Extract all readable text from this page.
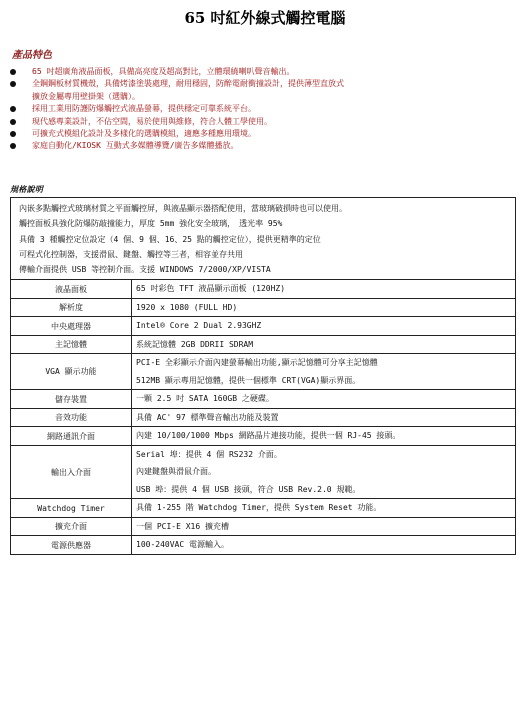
65 吋紅外線式觸控電腦
產品特色
65 吋超廣角液晶面板，具備高亮度及超高對比，立體環繞喇叭聲音輸出。
全鋼鋼板材質機殼，具備烤漆塗裝處理，耐用穩固，防醉電耐衝撞設計，提供薄型直放式
擴放金屬專用壁掛架（選購）。
採用工業用防護防爆觸控式液晶螢幕，提供穩定可靠系統平台。
現代感專業設計，不佔空間，易於使用與維修，符合人體工學使用。
可擴充式模組化設計及多樣化的選購模組，適應多種應用環境。
家庭自動化/KIOSK 互動式多媒體導覽/廣告多媒體播放。
規格說明
內嵌多點觸控式玻璃材質之平面觸控屏，與液晶顯示器搭配使用，當玻璃破損時也可以使用。
觸控面板具強化防爆防敲撞能力，厚度 5mm 強化安全玻璃，　透光率 95%
具備 3 種觸控定位設定（4 個、9 個、16、25 點的觸控定位），提供更精準的定位
可程式化控制器，支援滑鼠、鍵盤、觸控等三者，相容並存共用
傳輸介面提供 USB 等控制介面。支援 WINDOWS 7/2000/XP/VISTA
液晶面板	65 吋彩色 TFT 液晶顯示面板 (120HZ)

解析度	1920 x 1080 (FULL HD)

中央處理器	Intel® Core 2 Dual 2.93GHZ

主記憶體	系統記憶體 2GB DDRII SDRAM

VGA 顯示功能	PCI-E 全彩顯示介面內建螢幕輸出功能,顯示記憶體可分享主記憶體
512MB 顯示專用記憶體，提供一個標準 CRT(VGA)顯示界面。

儲存裝置	一顆 2.5 吋 SATA 160GB 之硬碟。

音效功能	具備 AC' 97 標準聲音輸出功能及裝置

網路通訊介面	內建 10/100/1000 Mbps 網路晶片連接功能，提供一個 RJ-45 接頭。

輸出入介面	Serial 埠：提供 4 個 RS232 介面。
內建鍵盤與滑鼠介面。
USB 埠：提供 4 個 USB 接頭，符合 USB Rev.2.0 規範。

Watchdog Timer	具備 1-255 階 Watchdog Timer，提供 System Reset 功能。

擴充介面	一個 PCI-E X16 擴充槽

電源供應器	100-240VAC 電源輸入。
